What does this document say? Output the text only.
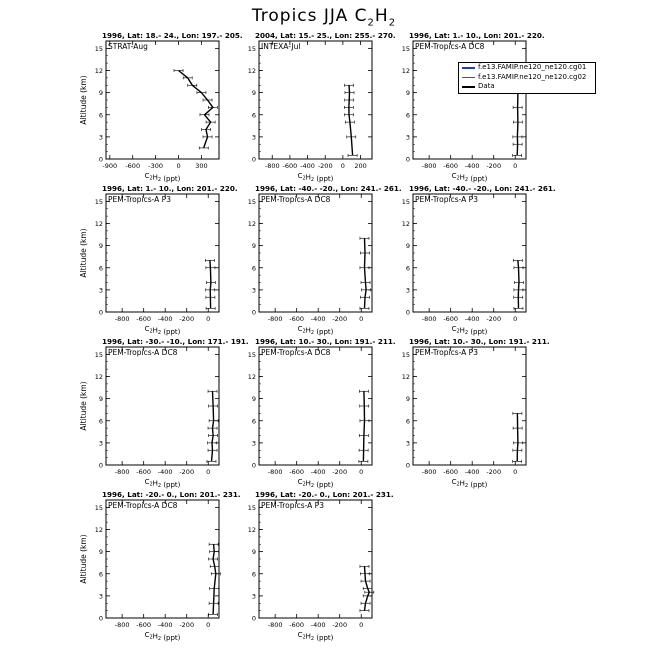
Tropics JJA $C_2H_2$
1996, Lat: 18.- 24., Lon: 197.- 205.
STRAT-Aug
0
3
6
9
12
15
-900 -600 -300 0 300
$C_2H_2$ (ppt)
Altitude (km)
2004, Lat: 15.- 25., Lon: 255.- 270.
INTEXA-Jul
0
3
6
9
12
15
-800 -600 -400 -200 0 200
$C_2H_2$ (ppt)
1996, Lat: 1.- 10., Lon: 201.- 220.
PEM-Tropics-A DC8
0
3
6
9
12
15
-800 -600 -400 -200 0
$C_2H_2$ (ppt)
1996, Lat: 1.- 10., Lon: 201.- 220.
PEM-Tropics-A P3
0
3
6
9
12
15
-800 -600 -400 -200 0
$C_2H_2$ (ppt)
Altitude (km)
1996, Lat: -40.- -20., Lon: 241.- 261.
PEM-Tropics-A DC8
0
3
6
9
12
15
-800 -600 -400 -200 0
$C_2H_2$ (ppt)
1996, Lat: -40.- -20., Lon: 241.- 261.
PEM-Tropics-A P3
0
3
6
9
12
15
-800 -600 -400 -200 0
$C_2H_2$ (ppt)
1996, Lat: -30.- -10., Lon: 171.- 191.
PEM-Tropics-A DC8
0
3
6
9
12
15
-800 -600 -400 -200 0
$C_2H_2$ (ppt)
Altitude (km)
1996, Lat: 10.- 30., Lon: 191.- 211.
PEM-Tropics-A DC8
0
3
6
9
12
15
-800 -600 -400 -200 0
$C_2H_2$ (ppt)
1996, Lat: 10.- 30., Lon: 191.- 211.
PEM-Tropics-A P3
0
3
6
9
12
15
-800 -600 -400 -200 0
$C_2H_2$ (ppt)
1996, Lat: -20.- 0., Lon: 201.- 231.
PEM-Tropics-A DC8
0
3
6
9
12
15
-800 -600 -400 -200 0
$C_2H_2$ (ppt)
Altitude (km)
1996, Lat: -20.- 0., Lon: 201.- 231.
PEM-Tropics-A P3
0
3
6
9
12
15
-800 -600 -400 -200 0
$C_2H_2$ (ppt)
f.e13.FAMIP.ne120_ne120.cg01
f.e13.FAMIP.ne120_ne120.cg02
Data
